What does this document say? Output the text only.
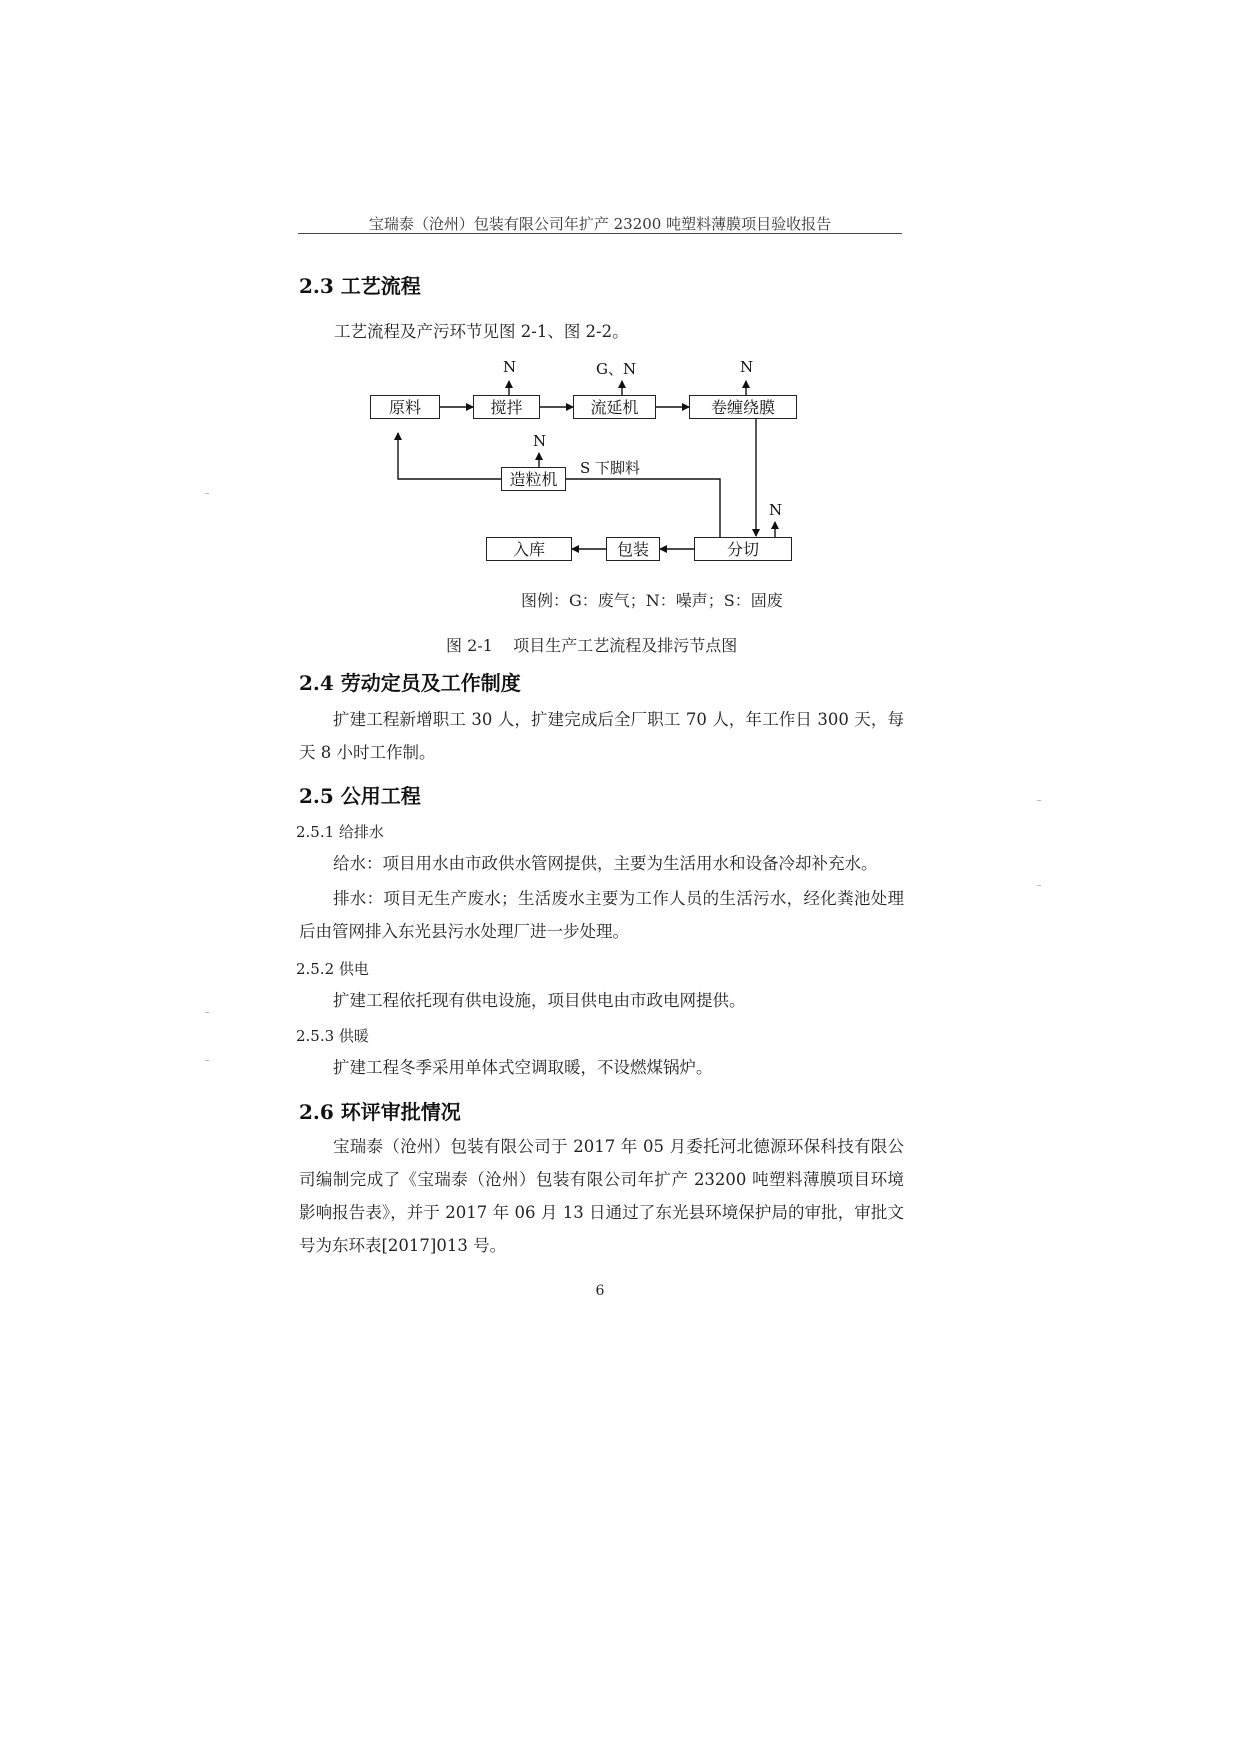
宝瑞泰（沧州）包装有限公司年扩产 23200 吨塑料薄膜项目验收报告
2.3 工艺流程
工艺流程及产污环节见图 2-1、图 2-2。
N	G、N	N
N
N
原料	搅拌	流延机	卷缠绕膜
造粒机
分切
包装
入库
S 下脚料
图例：G：废气；N：噪声；S：固废
图 2-1    项目生产工艺流程及排污节点图
2.4 劳动定员及工作制度
扩建工程新增职工 30 人，扩建完成后全厂职工 70 人，年工作日 300 天，每天 8 小时工作制。
2.5 公用工程
2.5.1 给排水
给水：项目用水由市政供水管网提供，主要为生活用水和设备冷却补充水。
排水：项目无生产废水；生活废水主要为工作人员的生活污水，经化粪池处理后由管网排入东光县污水处理厂进一步处理。
2.5.2 供电
扩建工程依托现有供电设施，项目供电由市政电网提供。
2.5.3 供暖
扩建工程冬季采用单体式空调取暖，不设燃煤锅炉。
2.6 环评审批情况
宝瑞泰（沧州）包装有限公司于 2017 年 05 月委托河北德源环保科技有限公司编制完成了《宝瑞泰（沧州）包装有限公司年扩产 23200 吨塑料薄膜项目环境影响报告表》，并于 2017 年 06 月 13 日通过了东光县环境保护局的审批，审批文号为东环表[2017]013 号。
6
